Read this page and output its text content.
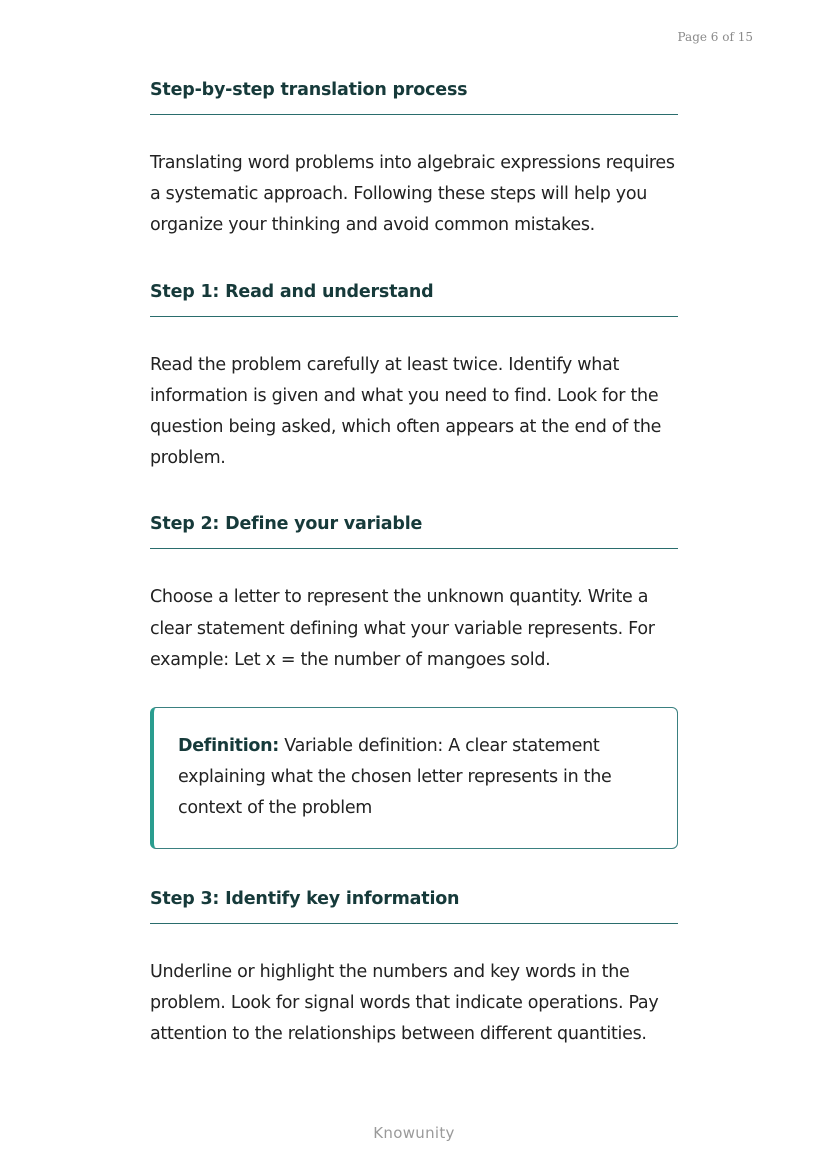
Page 6 of 15
Step-by-step translation process

Translating word problems into algebraic expressions requires a systematic approach. Following these steps will help you organize your thinking and avoid common mistakes.

Step 1: Read and understand

Read the problem carefully at least twice. Identify what information is given and what you need to find. Look for the question being asked, which often appears at the end of the problem.

Step 2: Define your variable

Choose a letter to represent the unknown quantity. Write a clear statement defining what your variable represents. For example: Let x = the number of mangoes sold.

Definition: Variable definition: A clear statement explaining what the chosen letter represents in the context of the problem
Step 3: Identify key information

Underline or highlight the numbers and key words in the problem. Look for signal words that indicate operations. Pay attention to the relationships between different quantities.

Knowunity
